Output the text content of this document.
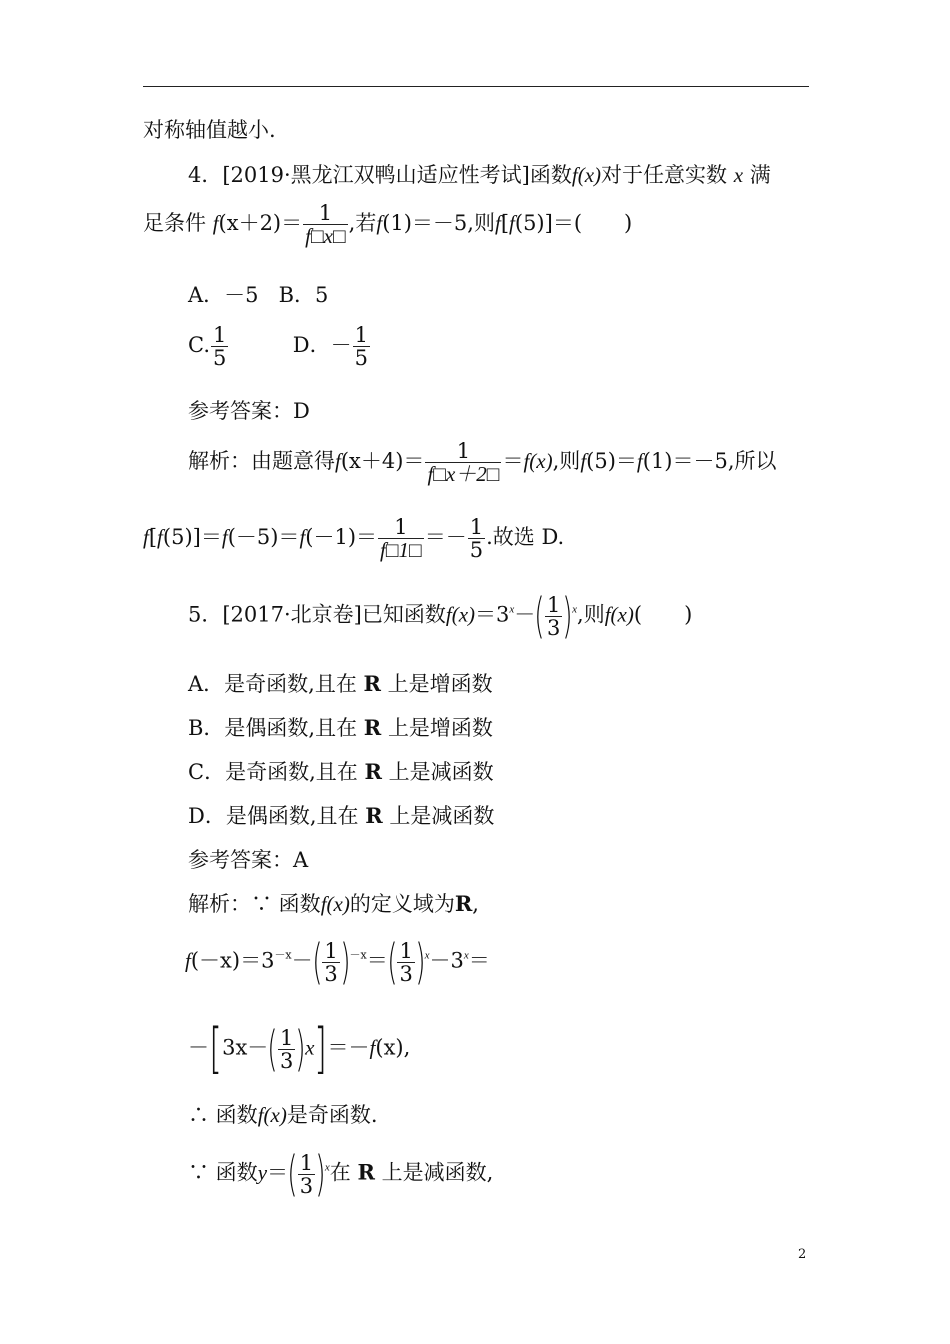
对称轴值越小.
4．[2019·黑龙江双鸭山适应性考试]函数f(x)对于任意实数 x 满
足条件 $f(x+2)= \frac{1}{f□x□}$ ,若f(1)＝－5,则f[f(5)]＝(　　)
A．－5 B．5
C. $\frac{1}{5}$	D．－ $\frac{1}{5}$
参考答案：D
解析：由题意得$f(x+4)= \frac{1}{f□x+2□} =f(x)$,则f(5)＝f(1)＝－5,所以
$f[f(5)]=f(-5)=f(-1)= \frac{1}{f□1□} =- \frac{1}{5}$ .故选 D.
5．[2017·北京卷]已知函数$f(x)=3^x-( \frac{1}{3} )^x$,则f(x)(　　)
A．是奇函数,且在 R 上是增函数
B．是偶函数,且在 R 上是增函数
C．是奇函数,且在 R 上是减函数
D．是偶函数,且在 R 上是减函数
参考答案：A
解析：∵ 函数f(x)的定义域为R,
$f(-x)=3^{-x}-( \frac{1}{3} )^{-x}=( \frac{1}{3} )^x-3^x=$
$-[3x-( \frac{1}{3} )x]=-f(x)$,
∴ 函数f(x)是奇函数.
∵ 函数$y=( \frac{1}{3} )^x$在 R 上是减函数,
2
